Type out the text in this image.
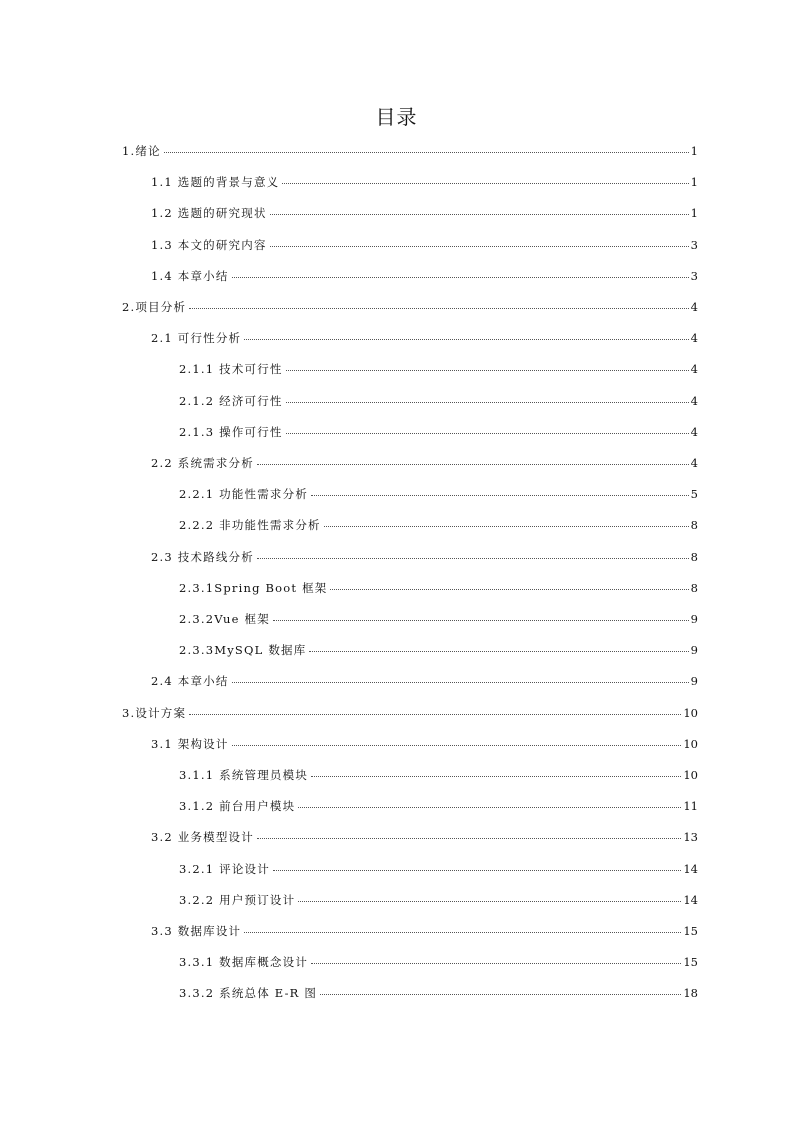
目录
1.绪论	1
1.1 选题的背景与意义	1
1.2 选题的研究现状	1
1.3 本文的研究内容	3
1.4 本章小结	3
2.项目分析	4
2.1 可行性分析	4
2.1.1 技术可行性	4
2.1.2 经济可行性	4
2.1.3 操作可行性	4
2.2 系统需求分析	4
2.2.1 功能性需求分析	5
2.2.2 非功能性需求分析	8
2.3 技术路线分析	8
2.3.1Spring Boot 框架	8
2.3.2Vue 框架	9
2.3.3MySQL 数据库	9
2.4 本章小结	9
3.设计方案	10
3.1 架构设计	10
3.1.1 系统管理员模块	10
3.1.2 前台用户模块	11
3.2 业务模型设计	13
3.2.1 评论设计	14
3.2.2 用户预订设计	14
3.3 数据库设计	15
3.3.1 数据库概念设计	15
3.3.2 系统总体 E-R 图	18
